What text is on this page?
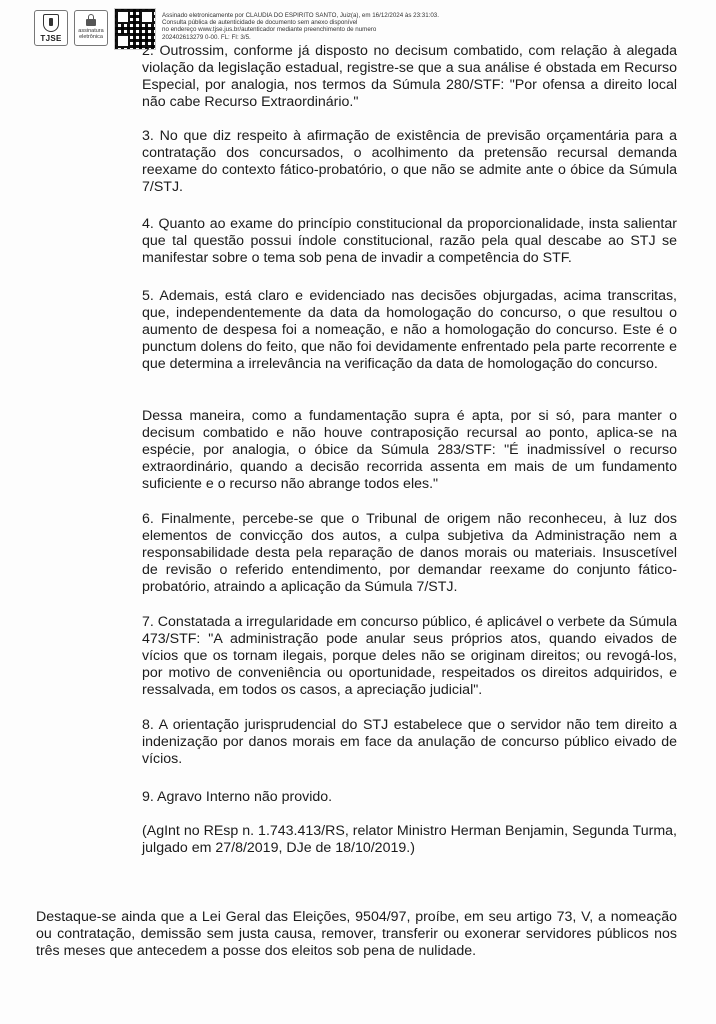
TJSE
assinatura
eletrônica
Assinado eletronicamente por CLAUDIA DO ESPIRITO SANTO, Juiz(a), em 16/12/2024 às 23:31:03.
Consulta pública de autenticidade de documento sem anexo disponível
no endereço www.tjse.jus.br/autenticador mediante preenchimento de numero
202402613279 0-00. FL: FI: 3/5.

2. Outrossim, conforme já disposto no decisum combatido, com relação à alegada violação da legislação estadual, registre-se que a sua análise é obstada em Recurso Especial, por analogia, nos termos da Súmula 280/STF: "Por ofensa a direito local não cabe Recurso Extraordinário."

3. No que diz respeito à afirmação de existência de previsão orçamentária para a contratação dos concursados, o acolhimento da pretensão recursal demanda reexame do contexto fático-probatório, o que não se admite ante o óbice da Súmula 7/STJ.

4. Quanto ao exame do princípio constitucional da proporcionalidade, insta salientar que tal questão possui índole constitucional, razão pela qual descabe ao STJ se manifestar sobre o tema sob pena de invadir a competência do STF.

5. Ademais, está claro e evidenciado nas decisões objurgadas, acima transcritas, que, independentemente da data da homologação do concurso, o que resultou o aumento de despesa foi a nomeação, e não a homologação do concurso. Este é o punctum dolens do feito, que não foi devidamente enfrentado pela parte recorrente e que determina a irrelevância na verificação da data de homologação do concurso.

Dessa maneira, como a fundamentação supra é apta, por si só, para manter o decisum combatido e não houve contraposição recursal ao ponto, aplica-se na espécie, por analogia, o óbice da Súmula 283/STF: "É inadmissível o recurso extraordinário, quando a decisão recorrida assenta em mais de um fundamento suficiente e o recurso não abrange todos eles."

6. Finalmente, percebe-se que o Tribunal de origem não reconheceu, à luz dos elementos de convicção dos autos, a culpa subjetiva da Administração nem a responsabilidade desta pela reparação de danos morais ou materiais. Insuscetível de revisão o referido entendimento, por demandar reexame do conjunto fático-probatório, atraindo a aplicação da Súmula 7/STJ.

7. Constatada a irregularidade em concurso público, é aplicável o verbete da Súmula 473/STF: "A administração pode anular seus próprios atos, quando eivados de vícios que os tornam ilegais, porque deles não se originam direitos; ou revogá-los, por motivo de conveniência ou oportunidade, respeitados os direitos adquiridos, e ressalvada, em todos os casos, a apreciação judicial".

8. A orientação jurisprudencial do STJ estabelece que o servidor não tem direito a indenização por danos morais em face da anulação de concurso público eivado de vícios.

9. Agravo Interno não provido.

(AgInt no REsp n. 1.743.413/RS, relator Ministro Herman Benjamin, Segunda Turma, julgado em 27/8/2019, DJe de 18/10/2019.)

Destaque-se ainda que a Lei Geral das Eleições, 9504/97, proíbe, em seu artigo 73, V, a nomeação ou contratação, demissão sem justa causa, remover, transferir ou exonerar servidores públicos nos três meses que antecedem a posse dos eleitos sob pena de nulidade.
